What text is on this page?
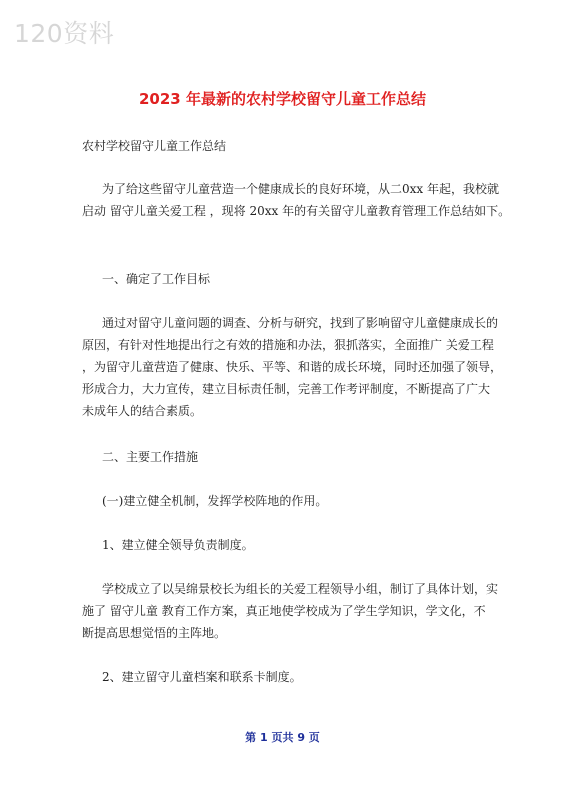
120资料
2023 年最新的农村学校留守儿童工作总结
农村学校留守儿童工作总结
为了给这些留守儿童营造一个健康成长的良好环境，从二0xx 年起，我校就
启动 留守儿童关爱工程 ，现将 20xx 年的有关留守儿童教育管理工作总结如下。
一、确定了工作目标
通过对留守儿童问题的调查、分析与研究，找到了影响留守儿童健康成长的
原因，有针对性地提出行之有效的措施和办法，狠抓落实，全面推广 关爱工程
，为留守儿童营造了健康、快乐、平等、和谐的成长环境，同时还加强了领导，
形成合力，大力宣传，建立目标责任制，完善工作考评制度，不断提高了广大
未成年人的结合素质。
二、主要工作措施
(一)建立健全机制，发挥学校阵地的作用。
1、建立健全领导负责制度。
学校成立了以吴绵景校长为组长的关爱工程领导小组，制订了具体计划，实
施了 留守儿童 教育工作方案，真正地使学校成为了学生学知识，学文化，不
断提高思想觉悟的主阵地。
2、建立留守儿童档案和联系卡制度。
第 1 页共 9 页
